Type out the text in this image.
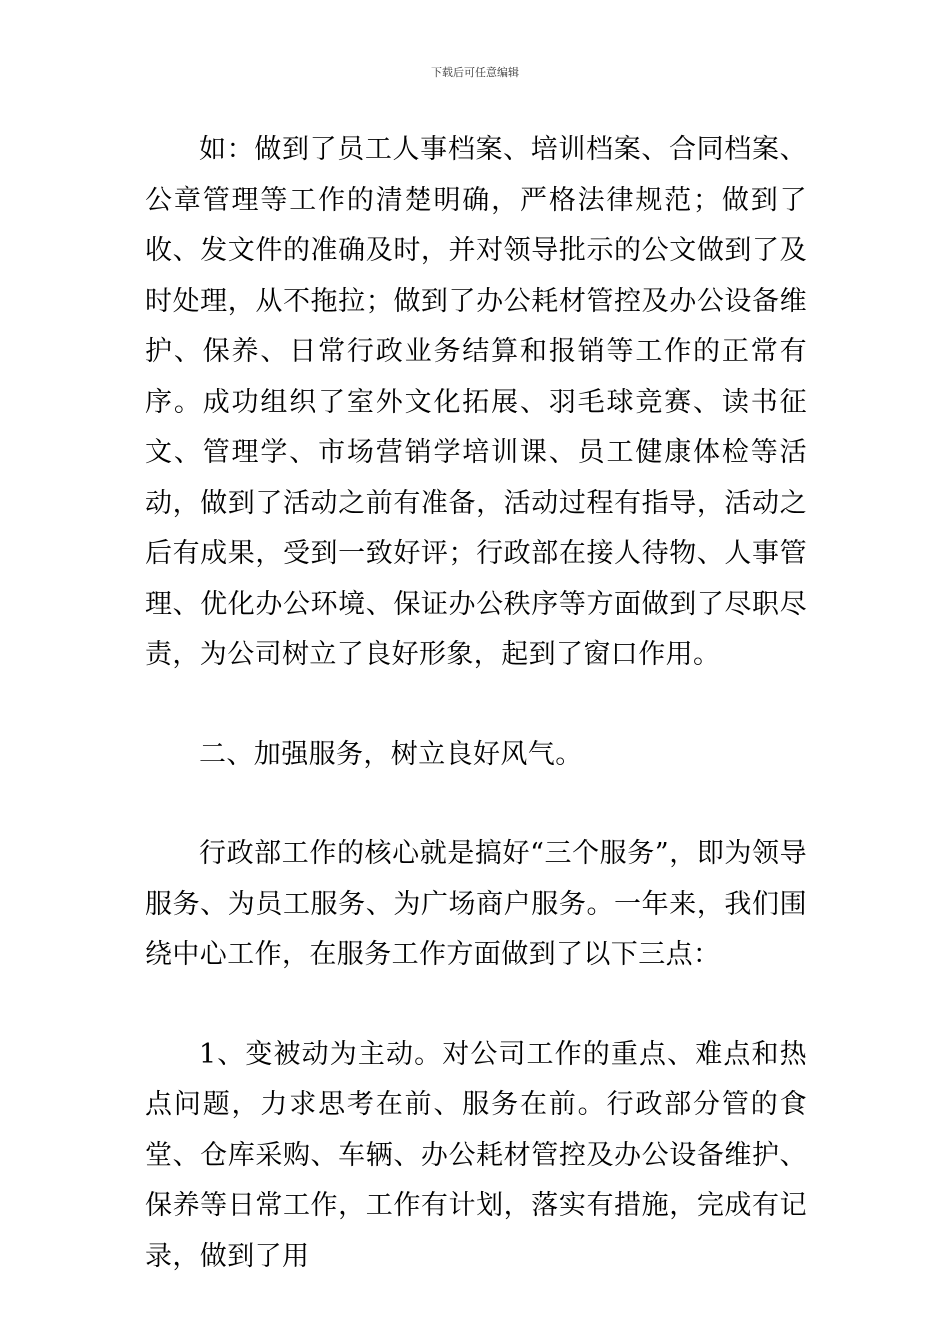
下载后可任意编辑

如：做到了员工人事档案、培训档案、合同档案、公章管理等工作的清楚明确，严格法律规范；做到了收、发文件的准确及时，并对领导批示的公文做到了及时处理，从不拖拉；做到了办公耗材管控及办公设备维护、保养、日常行政业务结算和报销等工作的正常有序。成功组织了室外文化拓展、羽毛球竞赛、读书征文、管理学、市场营销学培训课、员工健康体检等活动，做到了活动之前有准备，活动过程有指导，活动之后有成果，受到一致好评；行政部在接人待物、人事管理、优化办公环境、保证办公秩序等方面做到了尽职尽责，为公司树立了良好形象，起到了窗口作用。

二、加强服务，树立良好风气。

行政部工作的核心就是搞好“三个服务”，即为领导服务、为员工服务、为广场商户服务。一年来，我们围绕中心工作，在服务工作方面做到了以下三点：

1、变被动为主动。对公司工作的重点、难点和热点问题，力求思考在前、服务在前。行政部分管的食堂、仓库采购、车辆、办公耗材管控及办公设备维护、保养等日常工作，工作有计划，落实有措施，完成有记录，做到了用
